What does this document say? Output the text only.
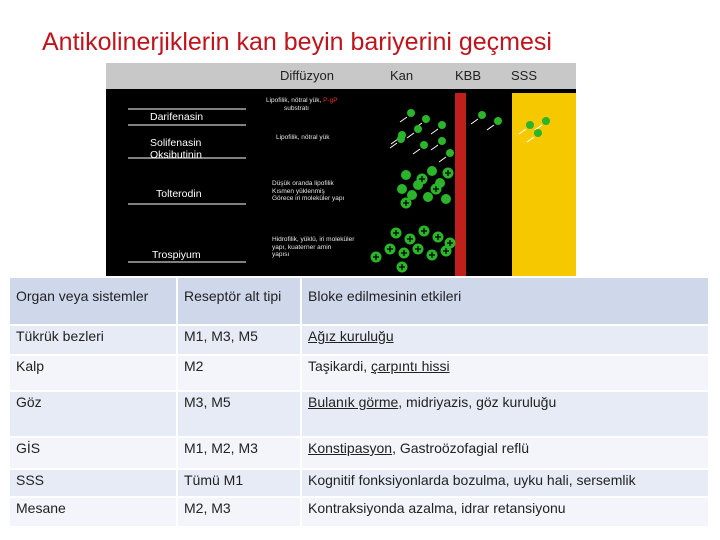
Antikolinerjiklerin kan beyin bariyerini geçmesi
Diffüzyon	Kan	KBB SSS
Darifenasin
Solifenasin
Oksibutinin
Tolterodin
Trospiyum
Lipofilik, nötral yük, P-gP
substratı
Lipofilik, nötral yük
Düşük oranda lipofilik
Kısmen yüklenmiş
Görece iri moleküler yapı
Hidrofilik, yüklü, iri moleküler
yapı, kuaterner amin
yapısı
Organ veya sistemler	Reseptör alt tipi	Bloke edilmesinin etkileri
Tükrük bezleri	M1, M3, M5	Ağız kuruluğu
Kalp	M2	Taşikardi, çarpıntı hissi
Göz	M3, M5	Bulanık görme, midriyazis, göz kuruluğu
GİS	M1, M2, M3	Konstipasyon, Gastroözofagial reflü
SSS	Tümü M1	Kognitif fonksiyonlarda bozulma, uyku hali, sersemlik
Mesane	M2, M3	Kontraksiyonda azalma, idrar retansiyonu
